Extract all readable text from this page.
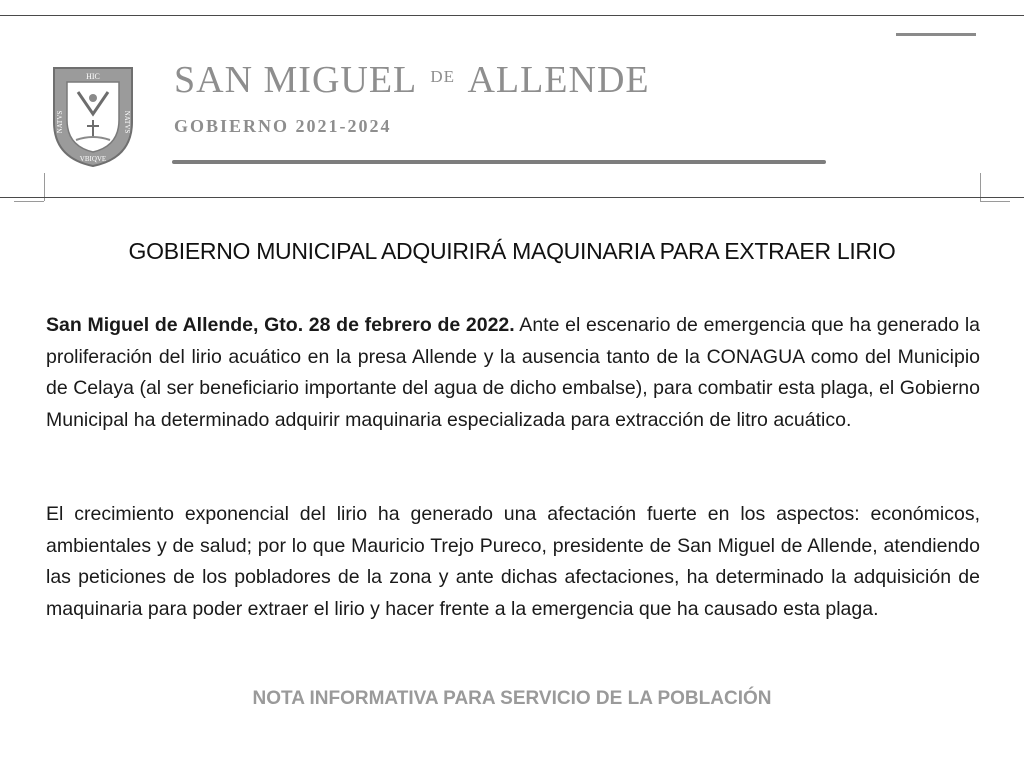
HIC
NATVS	NATVS
VBIQVE
SAN MIGUEL $^{DE}$ ALLENDE
GOBIERNO 2021-2024
GOBIERNO MUNICIPAL ADQUIRIRÁ MAQUINARIA PARA EXTRAER LIRIO

San Miguel de Allende, Gto. 28 de febrero de 2022. Ante el escenario de emergencia que ha generado la proliferación del lirio acuático en la presa Allende y la ausencia tanto de la CONAGUA como del Municipio de Celaya (al ser beneficiario importante del agua de dicho embalse), para combatir esta plaga, el Gobierno Municipal ha determinado adquirir maquinaria especializada para extracción de litro acuático.

El crecimiento exponencial del lirio ha generado una afectación fuerte en los aspectos: económicos, ambientales y de salud; por lo que Mauricio Trejo Pureco, presidente de San Miguel de Allende, atendiendo las peticiones de los pobladores de la zona y ante dichas afectaciones, ha determinado la adquisición de maquinaria para poder extraer el lirio y hacer frente a la emergencia que ha causado esta plaga.

NOTA INFORMATIVA PARA SERVICIO DE LA POBLACIÓN
